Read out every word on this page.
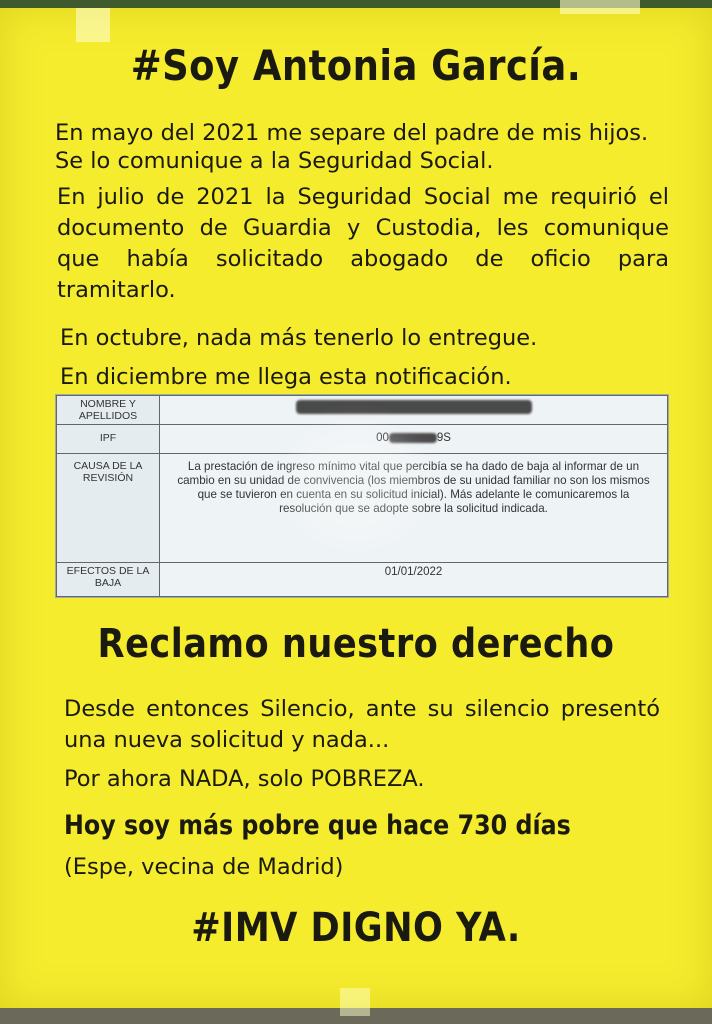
#Soy Antonia García.
En mayo del 2021 me separe del padre de mis hijos.
Se lo comunique a la Seguridad Social.
En julio de 2021 la Seguridad Social me requirió el documento de Guardia y Custodia, les comunique que había solicitado abogado de oficio para tramitarlo.
En octubre, nada más tenerlo lo entregue.
En diciembre me llega esta notificación.
NOMBRE Y APELLIDOS	
IPF	00 9S
CAUSA DE LA REVISIÓN	La prestación de ingreso mínimo vital que percibía se ha dado de baja al informar de un cambio en su unidad de convivencia (los miembros de su unidad familiar no son los mismos que se tuvieron en cuenta en su solicitud inicial). Más adelante le comunicaremos la resolución que se adopte sobre la solicitud indicada.
EFECTOS DE LA BAJA	01/01/2022
Reclamo nuestro derecho
Desde entonces Silencio, ante su silencio presentó una nueva solicitud y nada...
Por ahora NADA, solo POBREZA.
Hoy soy más pobre que hace 730 días
(Espe, vecina de Madrid)
#IMV DIGNO YA.
